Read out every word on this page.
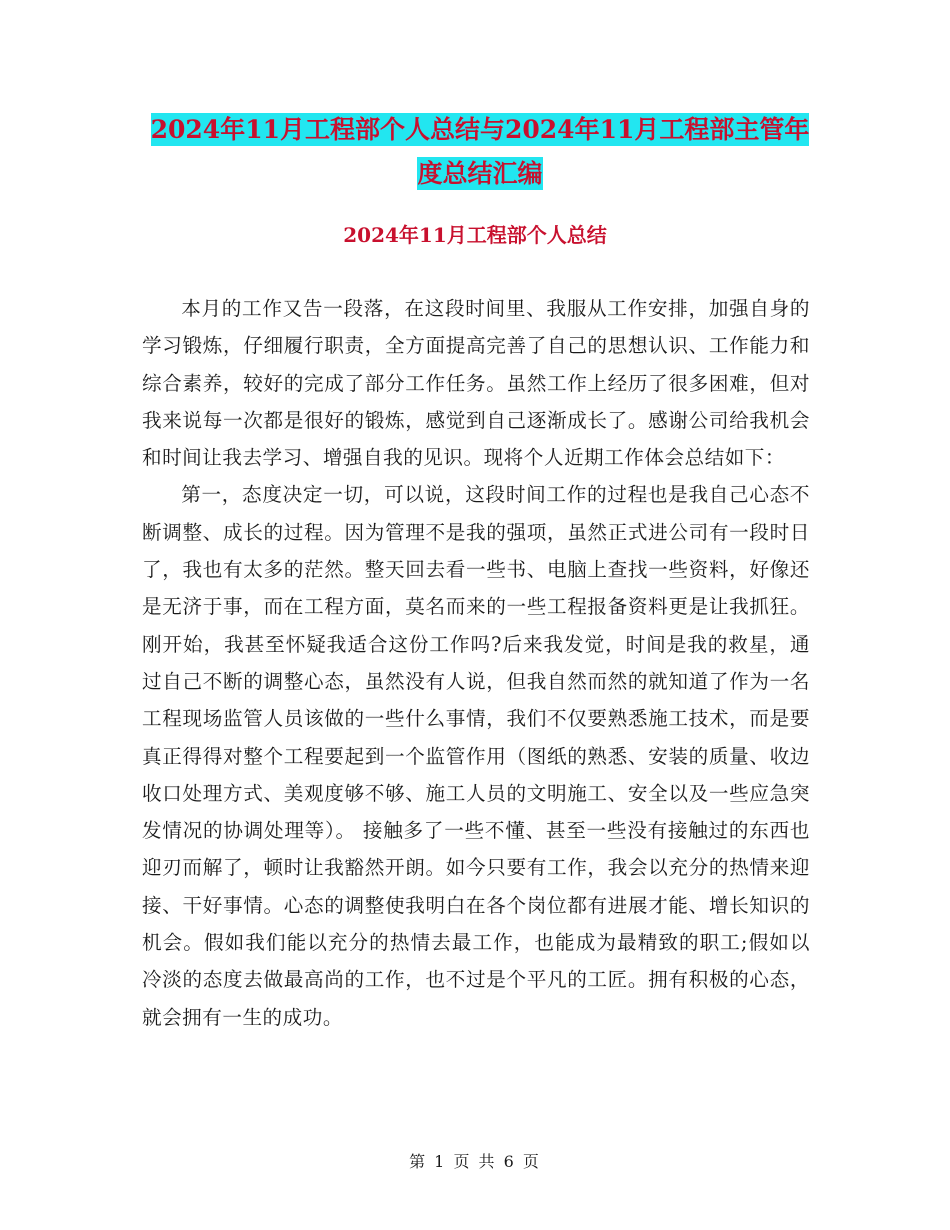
2024年11月工程部个人总结与2024年11月工程部主管年度总结汇编
2024年11月工程部个人总结

本月的工作又告一段落，在这段时间里、我服从工作安排，加强自身的学习锻炼，仔细履行职责，全方面提高完善了自己的思想认识、工作能力和综合素养，较好的完成了部分工作任务。虽然工作上经历了很多困难，但对我来说每一次都是很好的锻炼，感觉到自己逐渐成长了。感谢公司给我机会和时间让我去学习、增强自我的见识。现将个人近期工作体会总结如下：

第一，态度决定一切，可以说，这段时间工作的过程也是我自己心态不断调整、成长的过程。因为管理不是我的强项，虽然正式进公司有一段时日了，我也有太多的茫然。整天回去看一些书、电脑上查找一些资料，好像还是无济于事，而在工程方面，莫名而来的一些工程报备资料更是让我抓狂。刚开始，我甚至怀疑我适合这份工作吗?后来我发觉，时间是我的救星，通过自己不断的调整心态，虽然没有人说，但我自然而然的就知道了作为一名工程现场监管人员该做的一些什么事情，我们不仅要熟悉施工技术，而是要真正得得对整个工程要起到一个监管作用（图纸的熟悉、安装的质量、收边收口处理方式、美观度够不够、施工人员的文明施工、安全以及一些应急突发情况的协调处理等）。 接触多了一些不懂、甚至一些没有接触过的东西也迎刃而解了，顿时让我豁然开朗。如今只要有工作，我会以充分的热情来迎接、干好事情。心态的调整使我明白在各个岗位都有进展才能、增长知识的机会。假如我们能以充分的热情去最工作，也能成为最精致的职工;假如以冷淡的态度去做最高尚的工作，也不过是个平凡的工匠。拥有积极的心态，就会拥有一生的成功。

第 1 页 共 6 页
